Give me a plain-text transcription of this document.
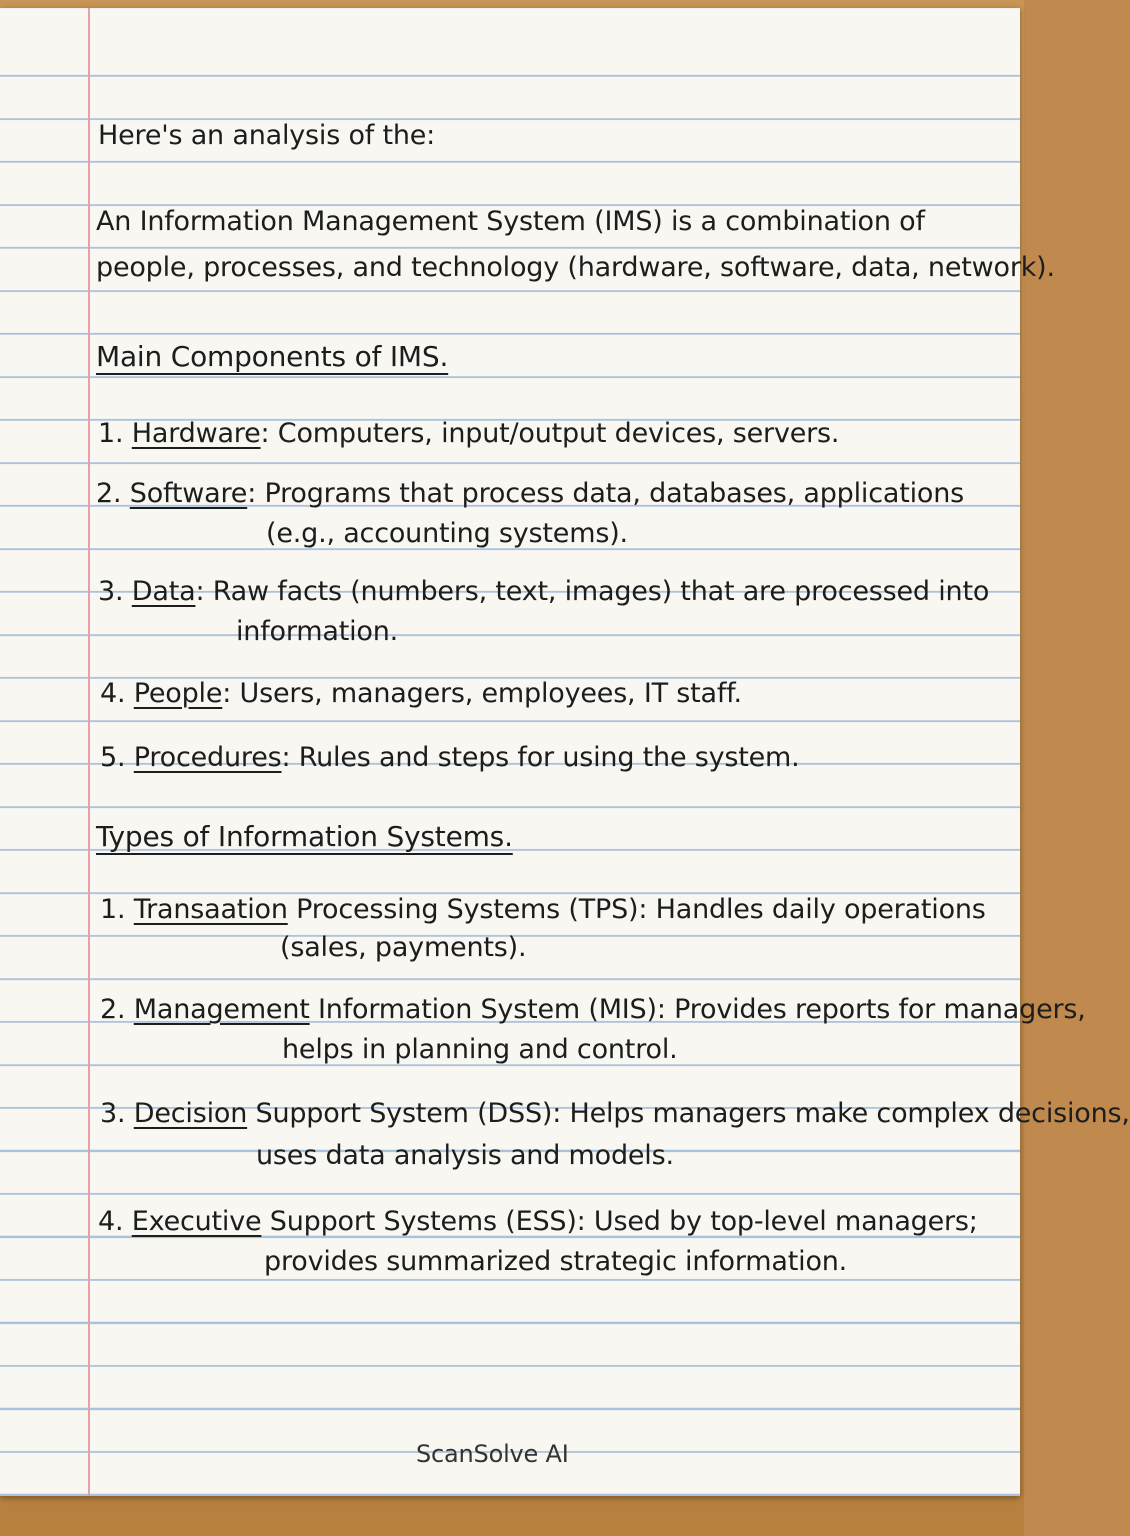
Here's an analysis of the:
An Information Management System (IMS) is a combination of
people, processes, and technology (hardware, software, data, network).
Main Components of IMS.
1. Hardware: Computers, input/output devices, servers.
2. Software: Programs that process data, databases, applications
(e.g., accounting systems).
3. Data: Raw facts (numbers, text, images) that are processed into
information.
4. People: Users, managers, employees, IT staff.
5. Procedures: Rules and steps for using the system.
Types of Information Systems.
1. Transaation Processing Systems (TPS): Handles daily operations
(sales, payments).
2. Management Information System (MIS): Provides reports for managers,
helps in planning and control.
3. Decision Support System (DSS): Helps managers make complex decisions,
uses data analysis and models.
4. Executive Support Systems (ESS): Used by top-level managers;
provides summarized strategic information.
ScanSolve AI
